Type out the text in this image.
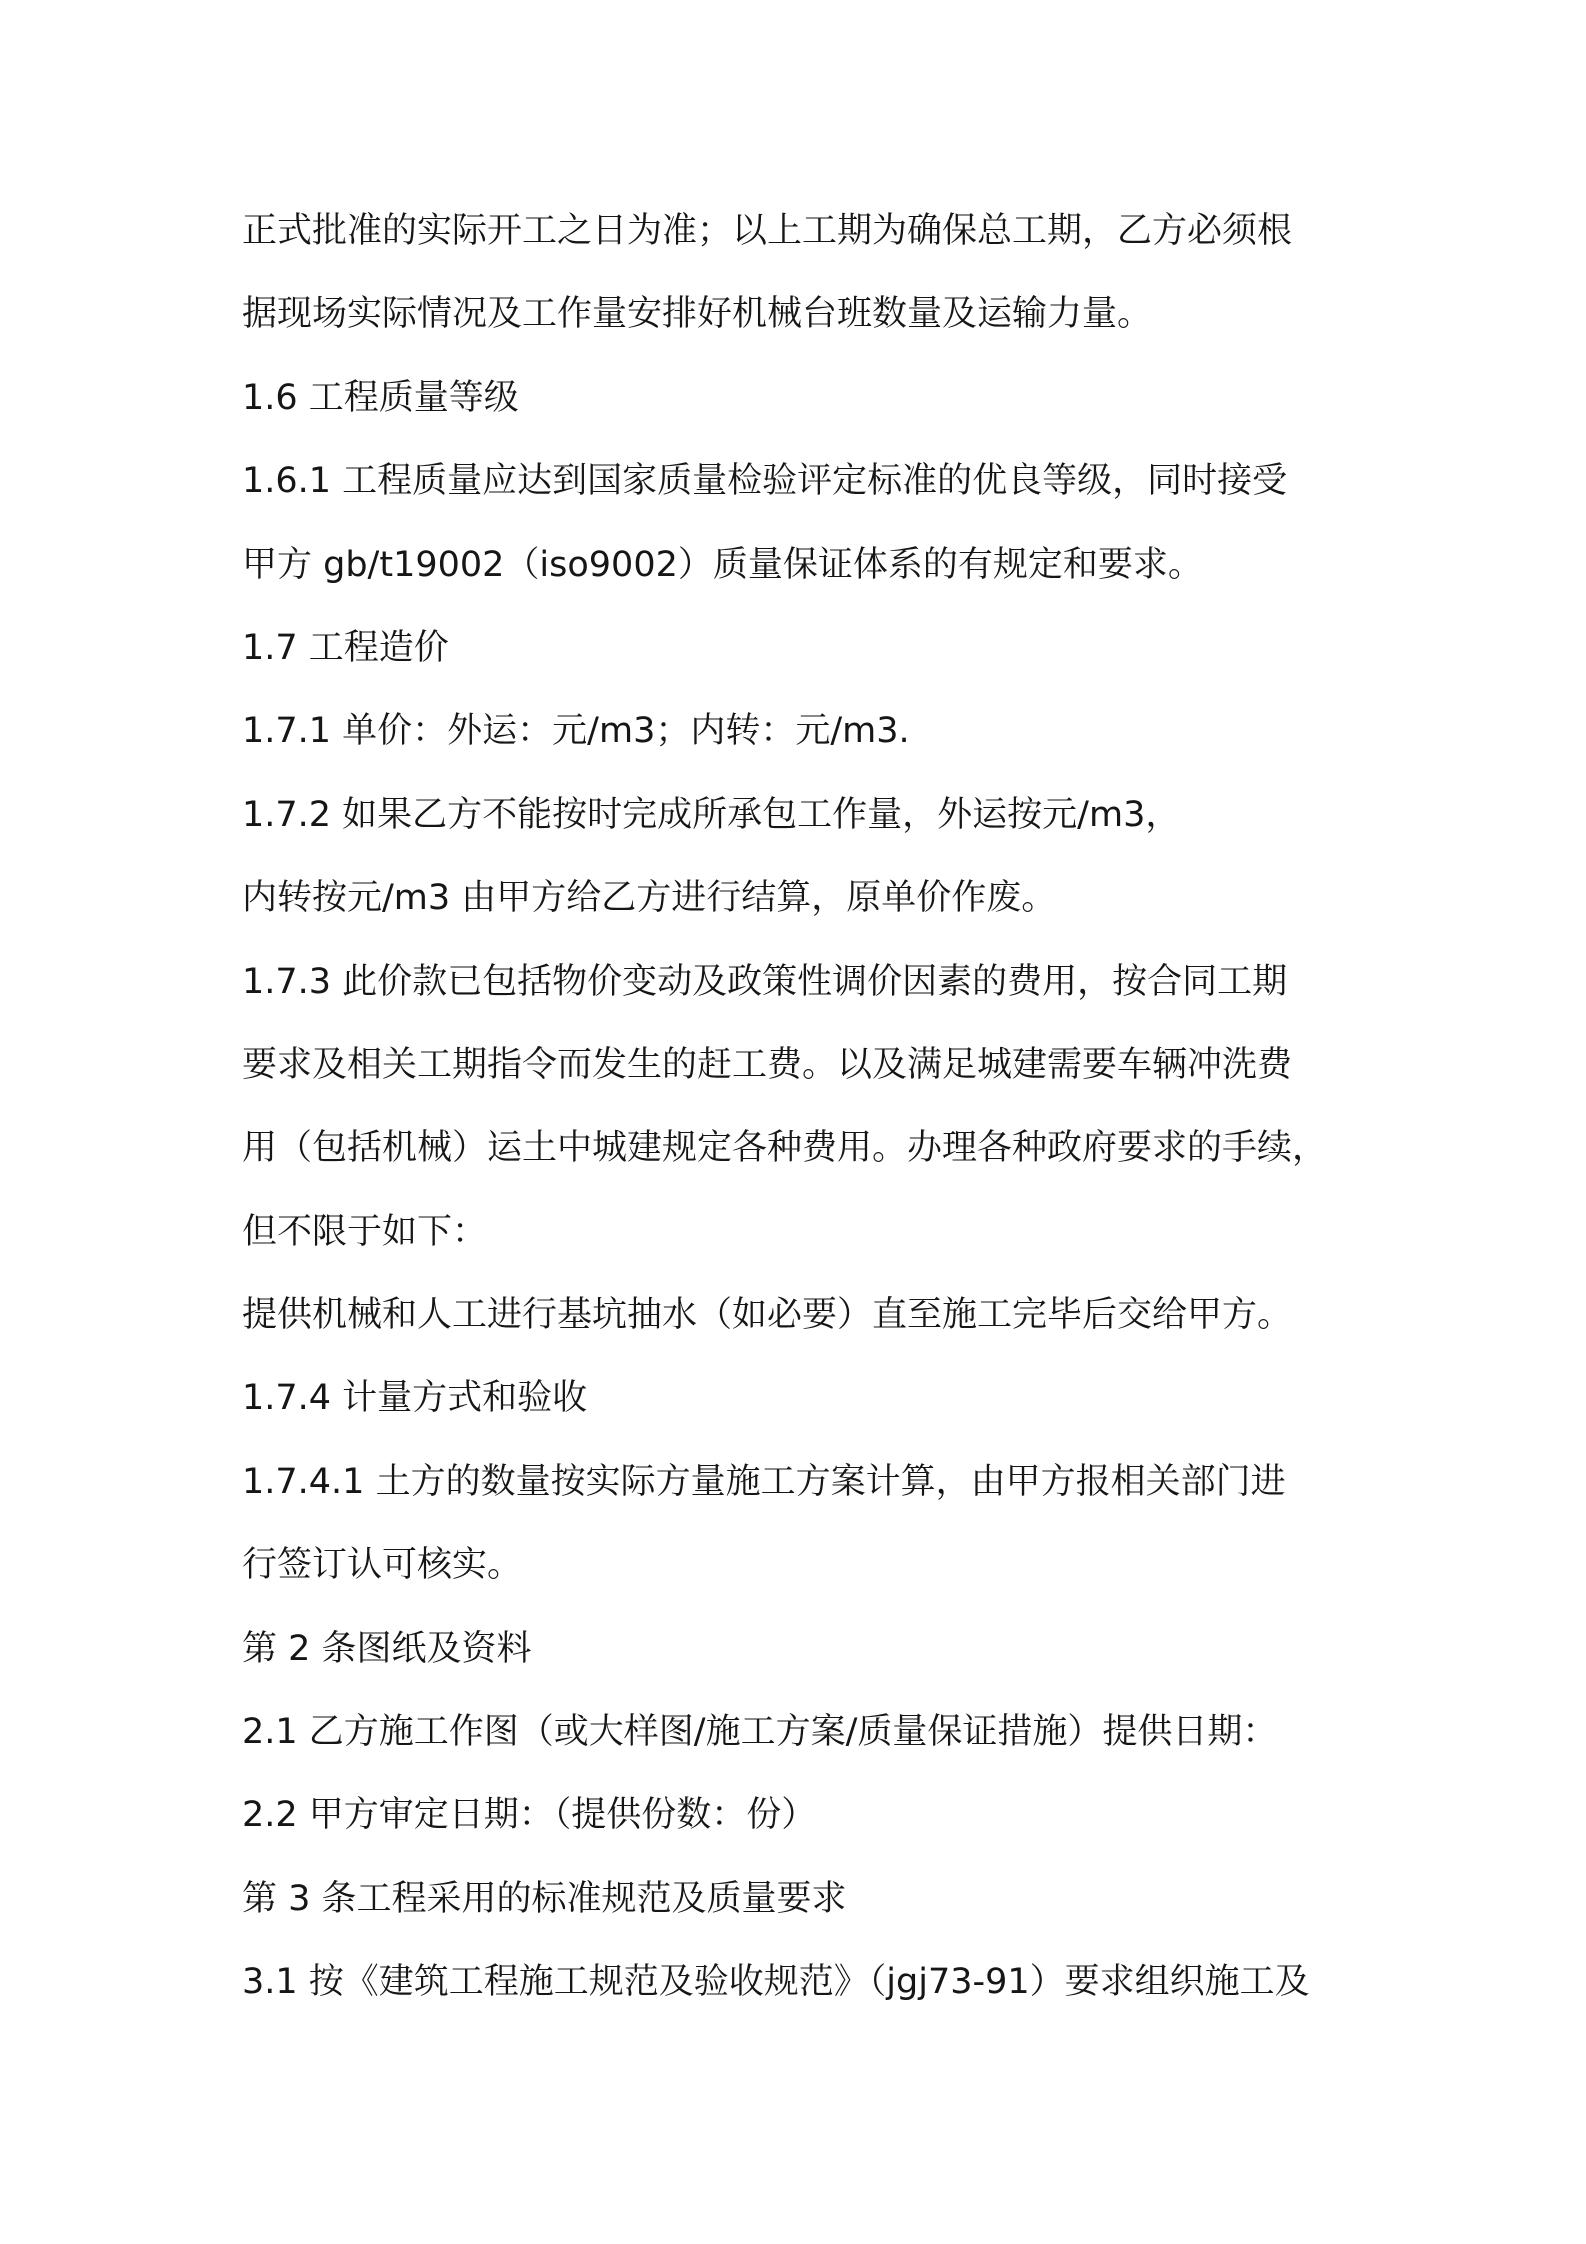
正式批准的实际开工之日为准；以上工期为确保总工期，乙方必须根
据现场实际情况及工作量安排好机械台班数量及运输力量。
1.6 工程质量等级
1.6.1 工程质量应达到国家质量检验评定标准的优良等级，同时接受
甲方 gb/t19002（iso9002）质量保证体系的有规定和要求。
1.7 工程造价
1.7.1 单价：外运：元/m3；内转：元/m3.
1.7.2 如果乙方不能按时完成所承包工作量，外运按元/m3，
内转按元/m3 由甲方给乙方进行结算，原单价作废。
1.7.3 此价款已包括物价变动及政策性调价因素的费用，按合同工期
要求及相关工期指令而发生的赶工费。以及满足城建需要车辆冲洗费
用（包括机械）运土中城建规定各种费用。办理各种政府要求的手续，
但不限于如下：
提供机械和人工进行基坑抽水（如必要）直至施工完毕后交给甲方。
1.7.4 计量方式和验收
1.7.4.1 土方的数量按实际方量施工方案计算，由甲方报相关部门进
行签订认可核实。
第 2 条图纸及资料
2.1 乙方施工作图（或大样图/施工方案/质量保证措施）提供日期：
2.2 甲方审定日期：（提供份数：份）
第 3 条工程采用的标准规范及质量要求
3.1 按《建筑工程施工规范及验收规范》（jgj73-91）要求组织施工及
